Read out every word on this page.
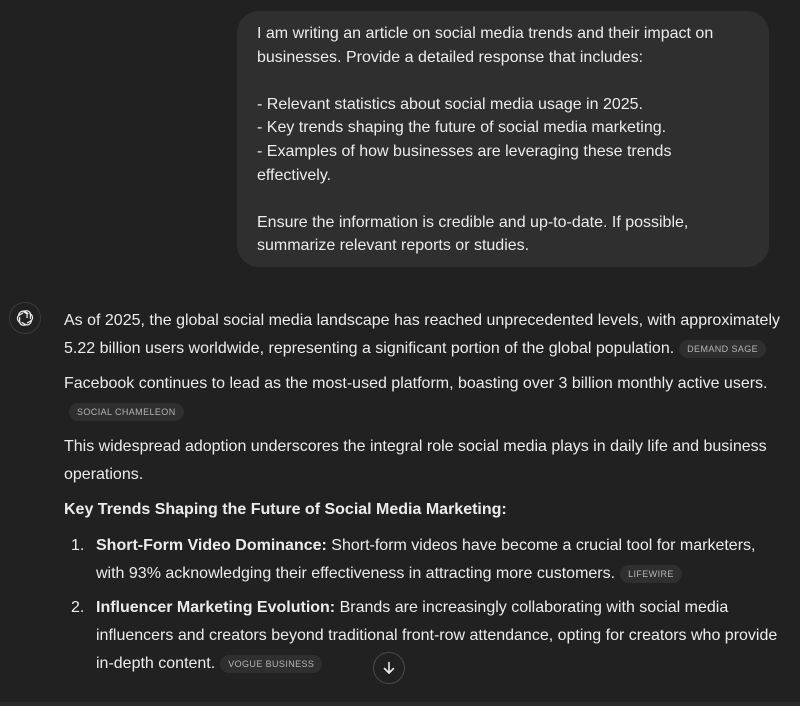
I am writing an article on social media trends and their impact on

businesses. Provide a detailed response that includes:

- Relevant statistics about social media usage in 2025.

- Key trends shaping the future of social media marketing.

- Examples of how businesses are leveraging these trends

effectively.

Ensure the information is credible and up-to-date. If possible,

summarize relevant reports or studies.

As of 2025, the global social media landscape has reached unprecedented levels, with approximately 5.22 billion users worldwide, representing a significant portion of the global population. DEMAND SAGE

Facebook continues to lead as the most-used platform, boasting over 3 billion monthly active users.SOCIAL CHAMELEON

This widespread adoption underscores the integral role social media plays in daily life and business operations.

Key Trends Shaping the Future of Social Media Marketing:

1. Short-Form Video Dominance: Short-form videos have become a crucial tool for marketers, with 93% acknowledging their effectiveness in attracting more customers. LIFEWIRE
2. Influencer Marketing Evolution: Brands are increasingly collaborating with social media influencers and creators beyond traditional front-row attendance, opting for creators who provide in-depth content. VOGUE BUSINESS
